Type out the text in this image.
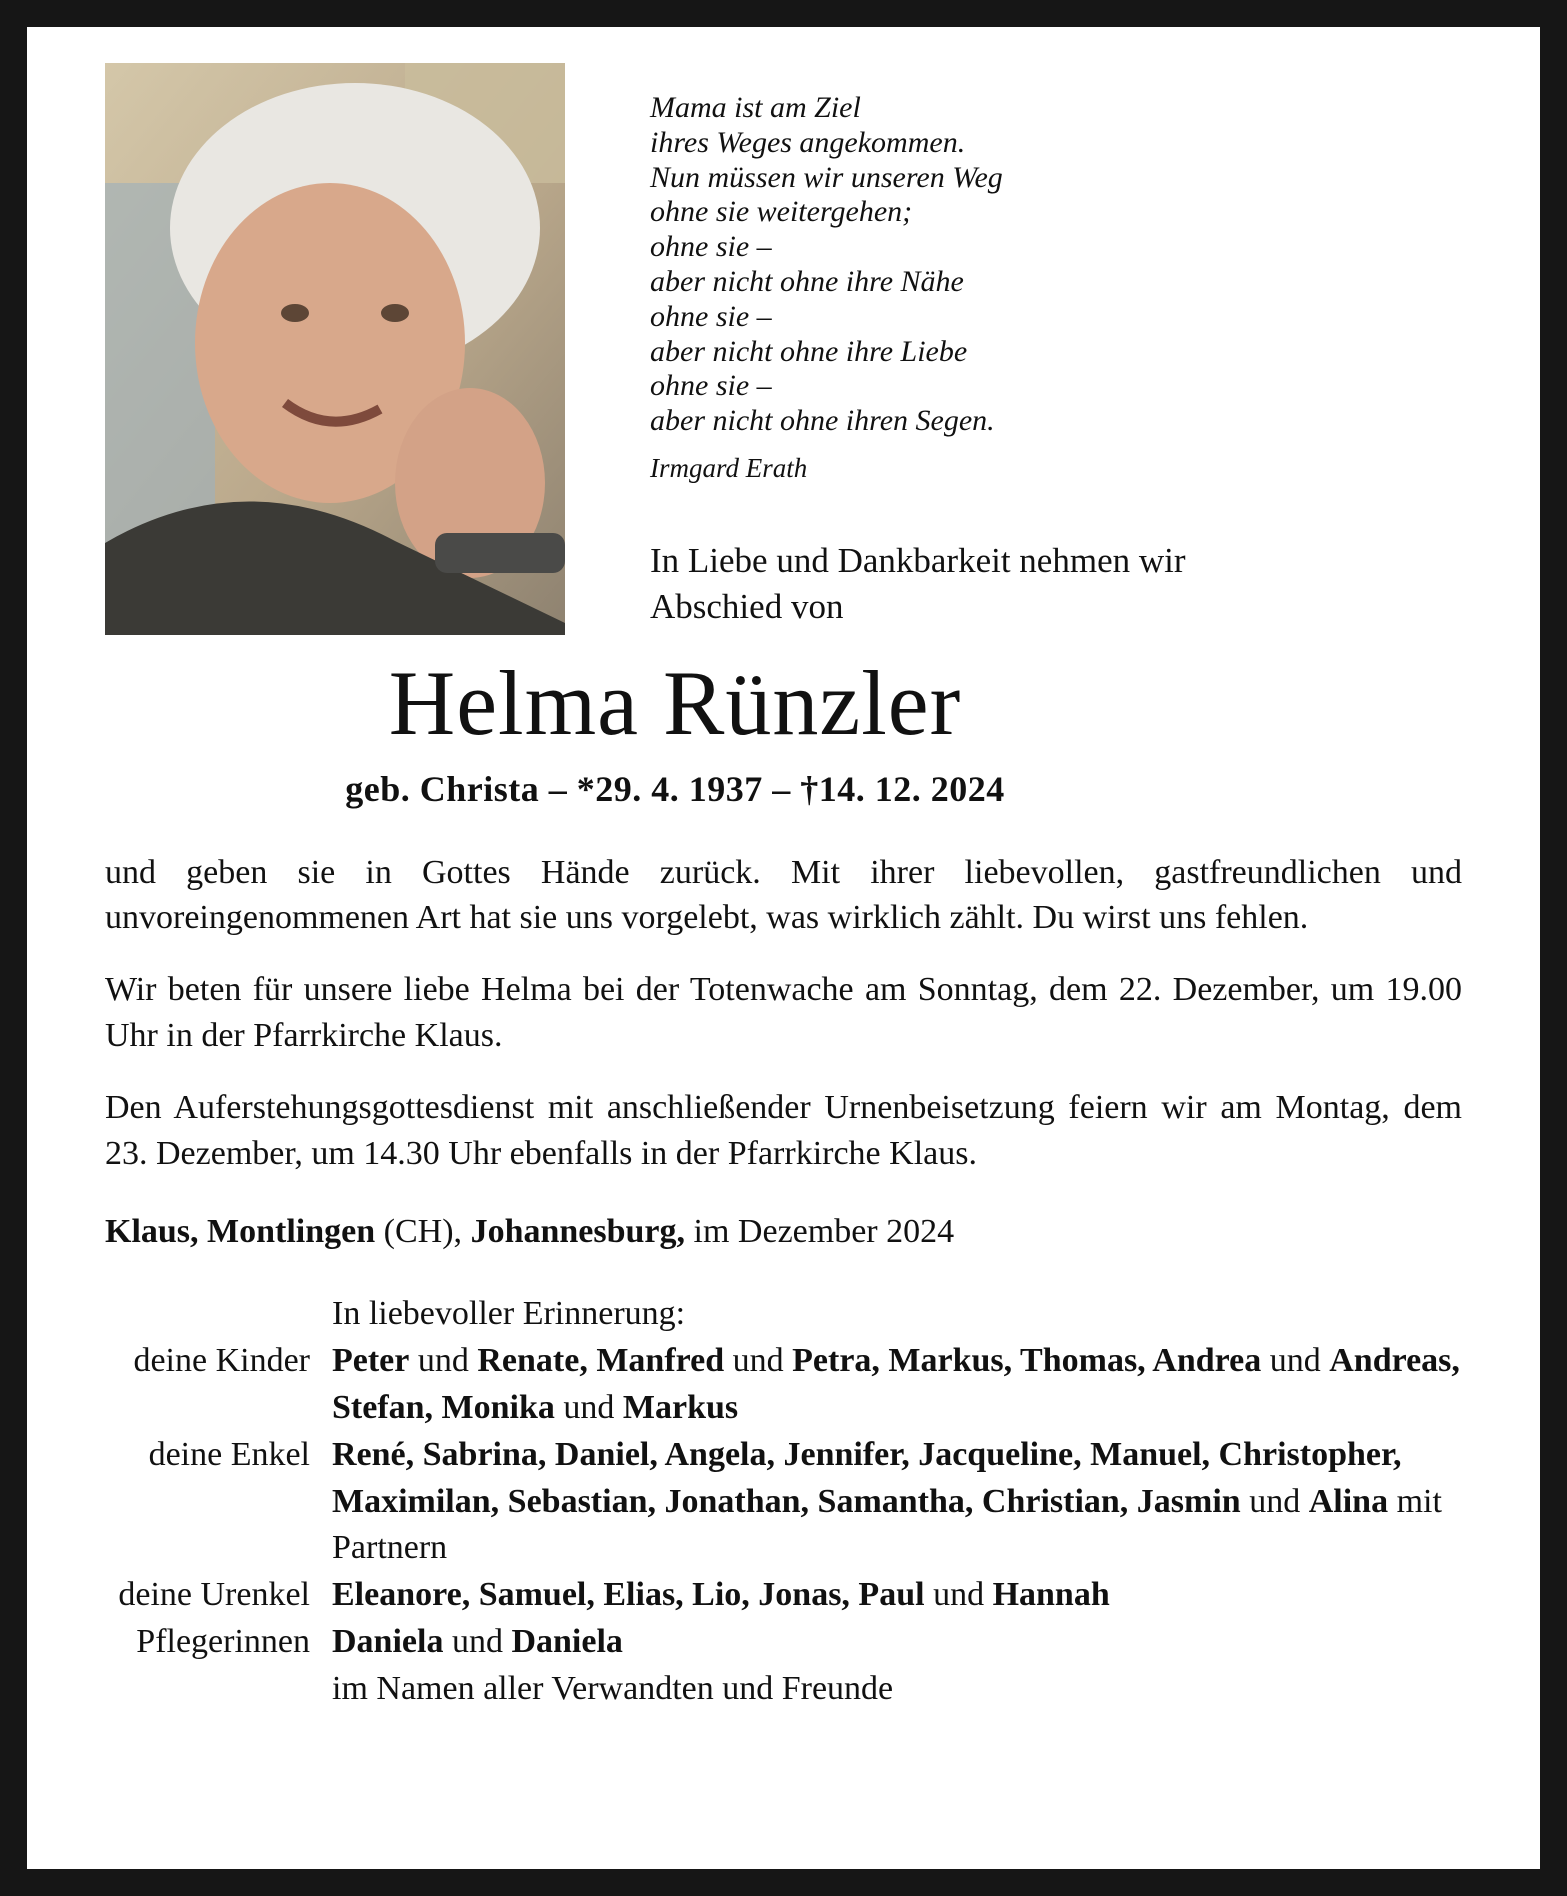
Mama ist am Ziel
ihres Weges angekommen.
Nun müssen wir unseren Weg
ohne sie weitergehen;
ohne sie –
aber nicht ohne ihre Nähe
ohne sie –
aber nicht ohne ihre Liebe
ohne sie –
aber nicht ohne ihren Segen.
Irmgard Erath
In Liebe und Dankbarkeit nehmen wir
Abschied von
Helma Rünzler
geb. Christa – *29. 4. 1937 – †14. 12. 2024

und geben sie in Gottes Hände zurück. Mit ihrer liebevollen, gastfreundlichen und unvoreingenommenen Art hat sie uns vorgelebt, was wirklich zählt. Du wirst uns fehlen.

Wir beten für unsere liebe Helma bei der Totenwache am Sonntag, dem 22. Dezember, um 19.00 Uhr in der Pfarrkirche Klaus.

Den Auferstehungsgottesdienst mit anschließender Urnenbeisetzung feiern wir am Montag, dem 23. Dezember, um 14.30 Uhr ebenfalls in der Pfarrkirche Klaus.

Klaus, Montlingen (CH), Johannesburg, im Dezember 2024

In liebevoller Erinnerung:
deine Kinder Peter und Renate, Manfred und Petra, Markus, Thomas, Andrea und Andreas, Stefan, Monika und Markus
deine Enkel René, Sabrina, Daniel, Angela, Jennifer, Jacqueline, Manuel, Christopher, Maximilan, Sebastian, Jonathan, Samantha, Christian, Jasmin und Alina mit Partnern
deine Urenkel Eleanore, Samuel, Elias, Lio, Jonas, Paul und Hannah
Pflegerinnen Daniela und Daniela
im Namen aller Verwandten und Freunde
